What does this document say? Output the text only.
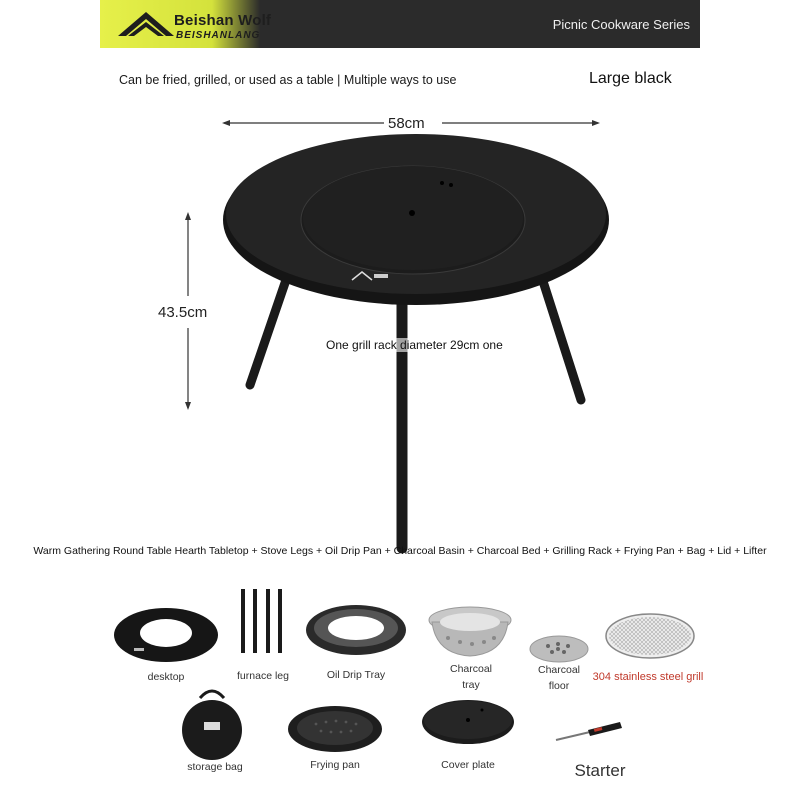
Beishan Wolf
BEISHANLANG
Picnic Cookware Series
Can be fried, grilled, or used as a table | Multiple ways to use	Large black
58cm
43.5cm
One grill rack diameter 29cm one
Warm Gathering Round Table Hearth Tabletop + Stove Legs + Oil Drip Pan + Charcoal Basin + Charcoal Bed + Grilling Rack + Frying Pan + Bag + Lid + Lifter
desktop	furnace leg	Oil Drip Tray	Charcoal
tray
Charcoal
floor
304 stainless steel grill
storage bag	Frying pan	Cover plate	Starter
